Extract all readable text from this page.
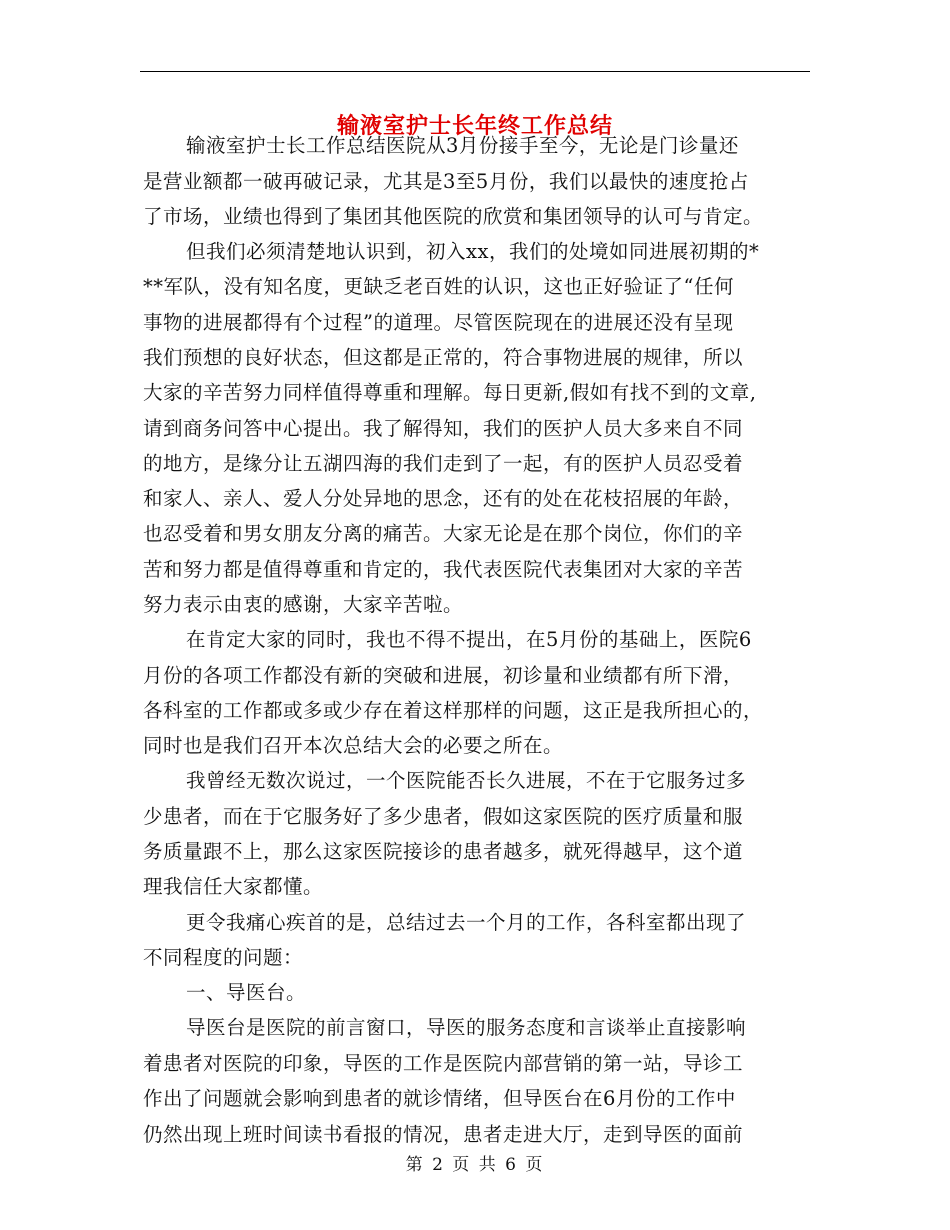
输液室护士长年终工作总结
输液室护士长工作总结医院从3月份接手至今，无论是门诊量还
是营业额都一破再破记录，尤其是3至5月份，我们以最快的速度抢占
了市场，业绩也得到了集团其他医院的欣赏和集团领导的认可与肯定。
但我们必须清楚地认识到，初入xx，我们的处境如同进展初期的*
**军队，没有知名度，更缺乏老百姓的认识，这也正好验证了“任何
事物的进展都得有个过程”的道理。尽管医院现在的进展还没有呈现
我们预想的良好状态，但这都是正常的，符合事物进展的规律，所以
大家的辛苦努力同样值得尊重和理解。每日更新,假如有找不到的文章,
请到商务问答中心提出。我了解得知，我们的医护人员大多来自不同
的地方，是缘分让五湖四海的我们走到了一起，有的医护人员忍受着
和家人、亲人、爱人分处异地的思念，还有的处在花枝招展的年龄，
也忍受着和男女朋友分离的痛苦。大家无论是在那个岗位，你们的辛
苦和努力都是值得尊重和肯定的，我代表医院代表集团对大家的辛苦
努力表示由衷的感谢，大家辛苦啦。
在肯定大家的同时，我也不得不提出，在5月份的基础上，医院6
月份的各项工作都没有新的突破和进展，初诊量和业绩都有所下滑，
各科室的工作都或多或少存在着这样那样的问题，这正是我所担心的，
同时也是我们召开本次总结大会的必要之所在。
我曾经无数次说过，一个医院能否长久进展，不在于它服务过多
少患者，而在于它服务好了多少患者，假如这家医院的医疗质量和服
务质量跟不上，那么这家医院接诊的患者越多，就死得越早，这个道
理我信任大家都懂。
更令我痛心疾首的是，总结过去一个月的工作，各科室都出现了
不同程度的问题：
一、导医台。
导医台是医院的前言窗口，导医的服务态度和言谈举止直接影响
着患者对医院的印象，导医的工作是医院内部营销的第一站，导诊工
作出了问题就会影响到患者的就诊情绪，但导医台在6月份的工作中
仍然出现上班时间读书看报的情况，患者走进大厅，走到导医的面前
第 2 页 共 6 页
